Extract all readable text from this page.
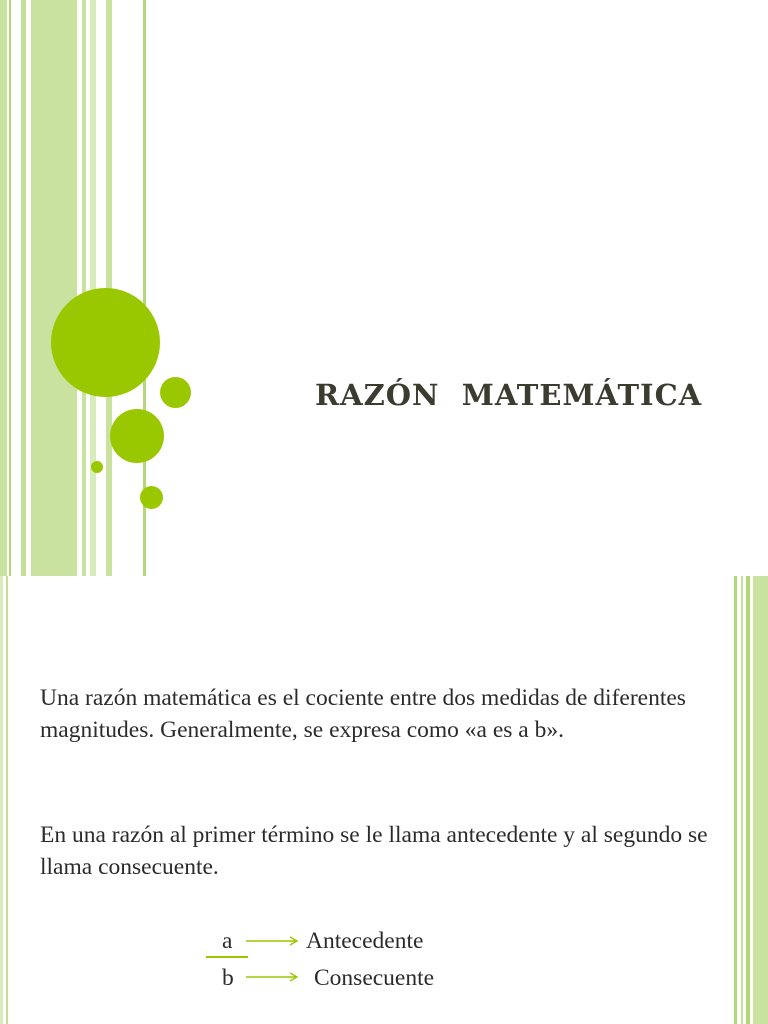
RAZÓN  MATEMÁTICA
Una razón matemática es el cociente entre dos medidas de diferentes magnitudes. Generalmente, se expresa como «a es a b».
En una razón al primer término se le llama antecedente y al segundo se llama consecuente.
a
b
Antecedente
Consecuente
